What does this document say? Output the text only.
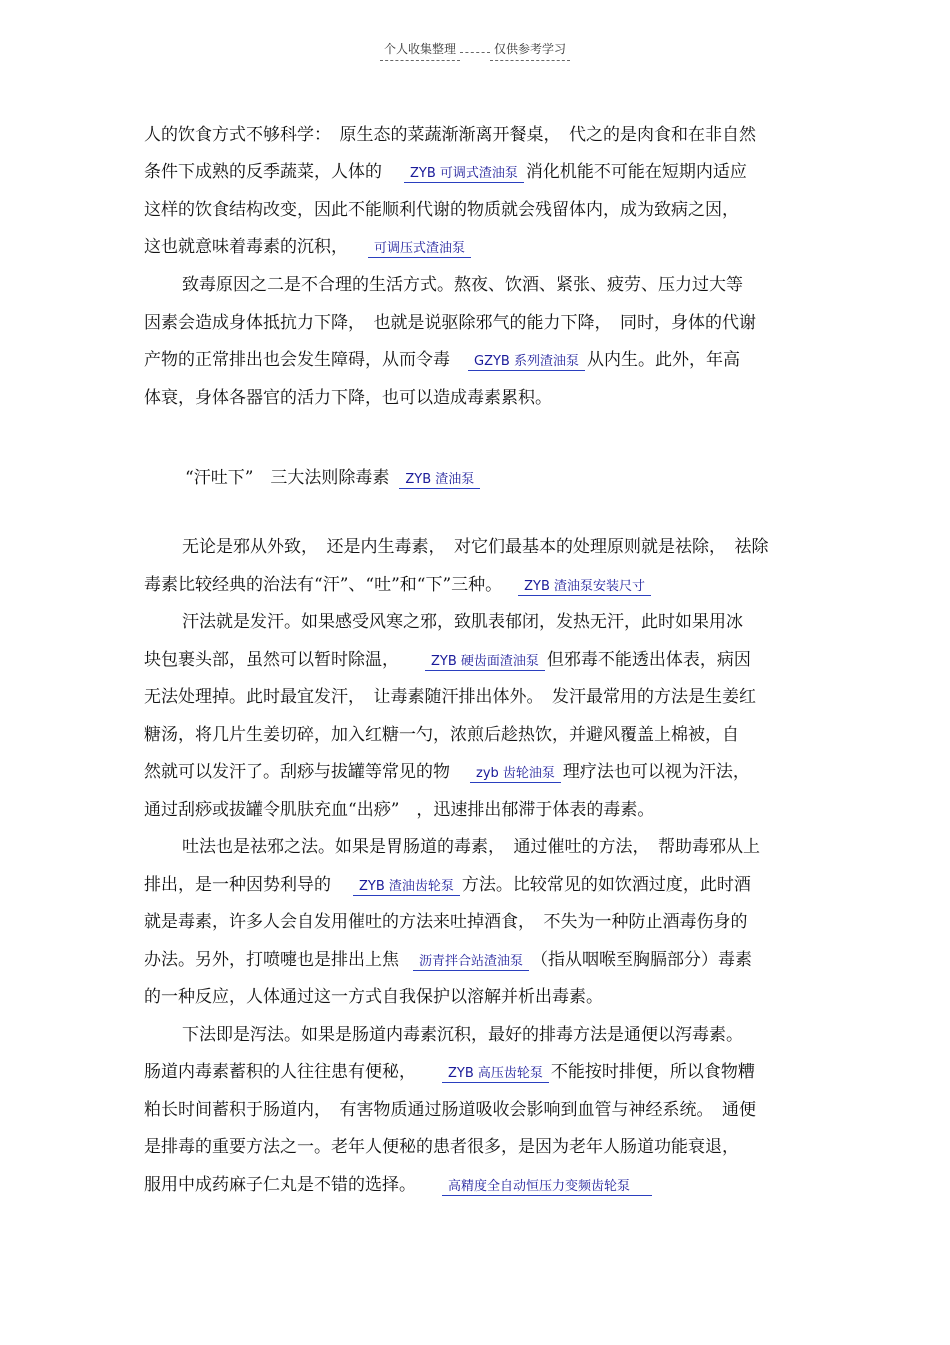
个人收集整理	仅供参考学习
人的饮食方式不够科学：　原生态的菜蔬渐渐离开餐桌，　代之的是肉食和在非自然
条件下成熟的反季蔬菜，人体的 ZYB 可调式渣油泵 消化机能不可能在短期内适应
这样的饮食结构改变，因此不能顺利代谢的物质就会残留体内，成为致病之因，
这也就意味着毒素的沉积， 可调压式渣油泵
致毒原因之二是不合理的生活方式。熬夜、饮酒、紧张、疲劳、压力过大等
因素会造成身体抵抗力下降，　也就是说驱除邪气的能力下降，　同时，身体的代谢
产物的正常排出也会发生障碍，从而令毒 GZYB 系列渣油泵 从内生。此外，年高
体衰，身体各器官的活力下降，也可以造成毒素累积。
“汗吐下”　三大法则除毒素 ZYB 渣油泵
无论是邪从外致，　还是内生毒素，　对它们最基本的处理原则就是祛除，　祛除
毒素比较经典的治法有“汗”、“吐”和“下”三种。 ZYB 渣油泵安装尺寸
汗法就是发汗。如果感受风寒之邪，致肌表郁闭，发热无汗，此时如果用冰
块包裹头部，虽然可以暂时除温， ZYB 硬齿面渣油泵 但邪毒不能透出体表，病因
无法处理掉。此时最宜发汗，　让毒素随汗排出体外。　发汗最常用的方法是生姜红
糖汤，将几片生姜切碎，加入红糖一勺，浓煎后趁热饮，并避风覆盖上棉被，自
然就可以发汗了。刮痧与拔罐等常见的物 zyb 齿轮油泵 理疗法也可以视为汗法，
通过刮痧或拔罐令肌肤充血“出痧”　，迅速排出郁滞于体表的毒素。
吐法也是祛邪之法。如果是胃肠道的毒素，　通过催吐的方法，　帮助毒邪从上
排出，是一种因势利导的 ZYB 渣油齿轮泵 方法。比较常见的如饮酒过度，此时酒
就是毒素，许多人会自发用催吐的方法来吐掉酒食，　不失为一种防止酒毒伤身的
办法。另外，打喷嚏也是排出上焦 沥青拌合站渣油泵 （指从咽喉至胸膈部分）毒素
的一种反应，人体通过这一方式自我保护以溶解并析出毒素。
下法即是泻法。如果是肠道内毒素沉积，最好的排毒方法是通便以泻毒素。
肠道内毒素蓄积的人往往患有便秘， ZYB 高压齿轮泵 不能按时排便，所以食物糟
粕长时间蓄积于肠道内，　有害物质通过肠道吸收会影响到血管与神经系统。　通便
是排毒的重要方法之一。老年人便秘的患者很多，是因为老年人肠道功能衰退，
服用中成药麻子仁丸是不错的选择。 高精度全自动恒压力变频齿轮泵
